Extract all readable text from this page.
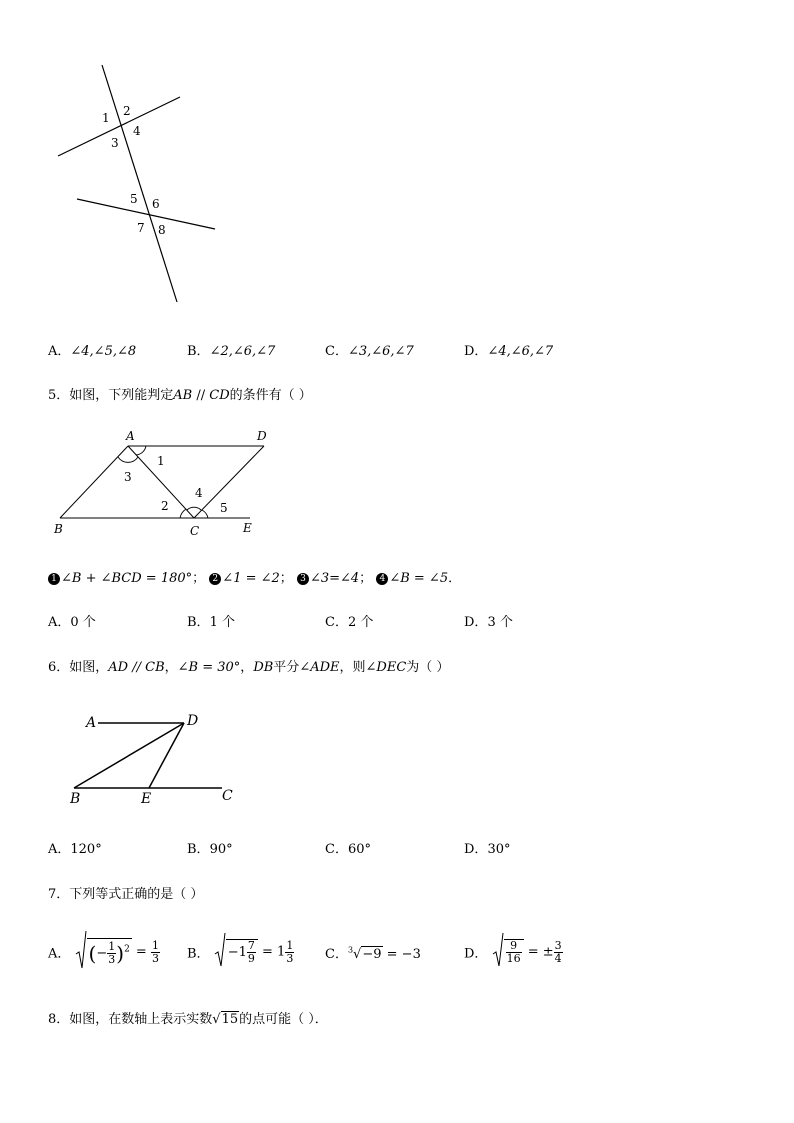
1 2
3
4
5 6
7 8
A．∠4,∠5,∠8	B．∠2,∠6,∠7	C．∠3,∠6,∠7	D．∠4,∠6,∠7
5．如图，下列能判定AB // CD的条件有（ ）
A	D
B	C	E
1
3
2
4
5
1 ∠B + ∠BCD = 180°； 2 ∠1 = ∠2； 3 ∠3=∠4； 4 ∠B = ∠5．
A．0 个	B．1 个	C．2 个	D．3 个
6．如图，AD // CB，∠B = 30°，DB平分∠ADE，则∠DEC为（ ）
A	D
B	E	C
A．120°	B．90°	C．60°	D．30°
7．下列等式正确的是（ ）
A． (− $\frac{1}{3} )^2 = \frac{1}{3}$ B． $-1 \frac{7}{9} = 1 \frac{1}{3}$ C．$^3$√−9 = −3	D． $\frac{9}{16}$ = ± $\frac{3}{4}$
8．如图，在数轴上表示实数√15的点可能（ ）．
